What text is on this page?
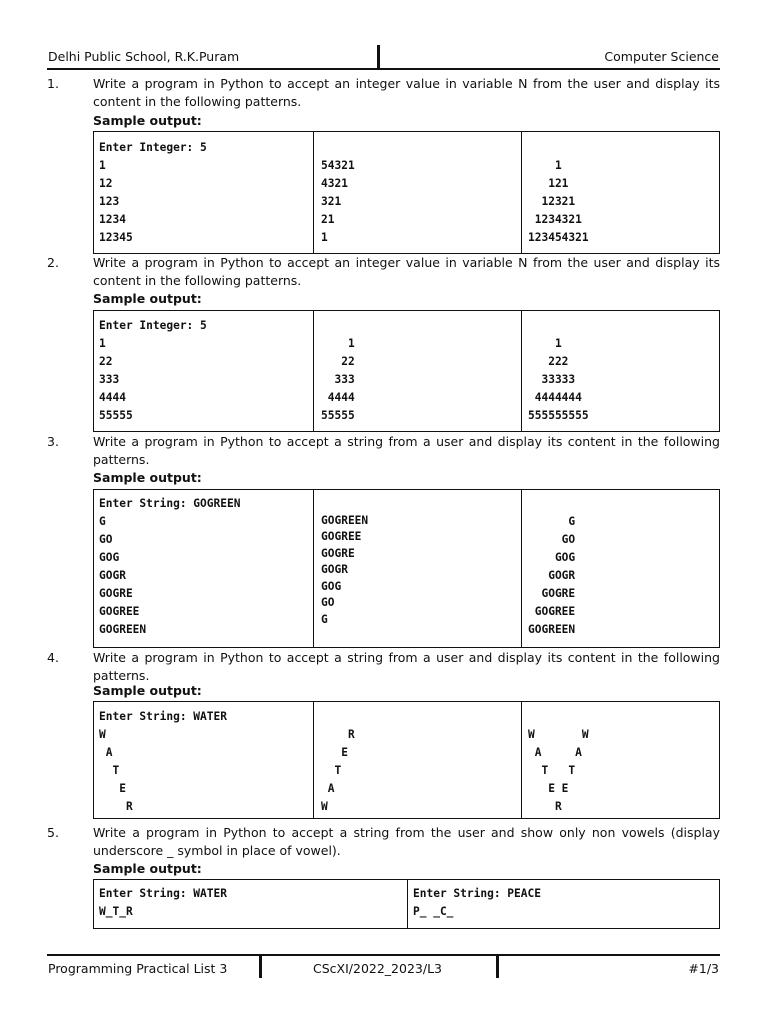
Delhi Public School, R.K.Puram	Computer Science
1.	Write a program in Python to accept an integer value in variable N from the user and display its content in the following patterns.
Sample output:
Enter Integer: 5
1
12
123
1234
12345

54321
4321
321
21
1

1
121
12321
1234321
123454321
2.	Write a program in Python to accept an integer value in variable N from the user and display its content in the following patterns.
Sample output:
Enter Integer: 5
1
22
333
4444
55555

1
22
333
4444
55555

1
222
33333
4444444
555555555
3.	Write a program in Python to accept a string from a user and display its content in the following patterns.
Sample output:
Enter String: GOGREEN
G
GO
GOG
GOGR
GOGRE
GOGREE
GOGREEN

GOGREEN
GOGREE
GOGRE
GOGR
GOG
GO
G

G
GO
GOG
GOGR
GOGRE
GOGREE
GOGREEN
4.	Write a program in Python to accept a string from a user and display its content in the following patterns.
Sample output:
Enter String: WATER
W
A
T
E
R

R
E
T
A
W

W       W
A     A
T   T
E E
R
5.	Write a program in Python to accept a string from the user and show only non vowels (display underscore _ symbol in place of vowel).
Sample output:
Enter String: WATER
W_T_R
Enter String: PEACE
P_ _C_
Programming Practical List 3	CScXI/2022_2023/L3	#1/3
